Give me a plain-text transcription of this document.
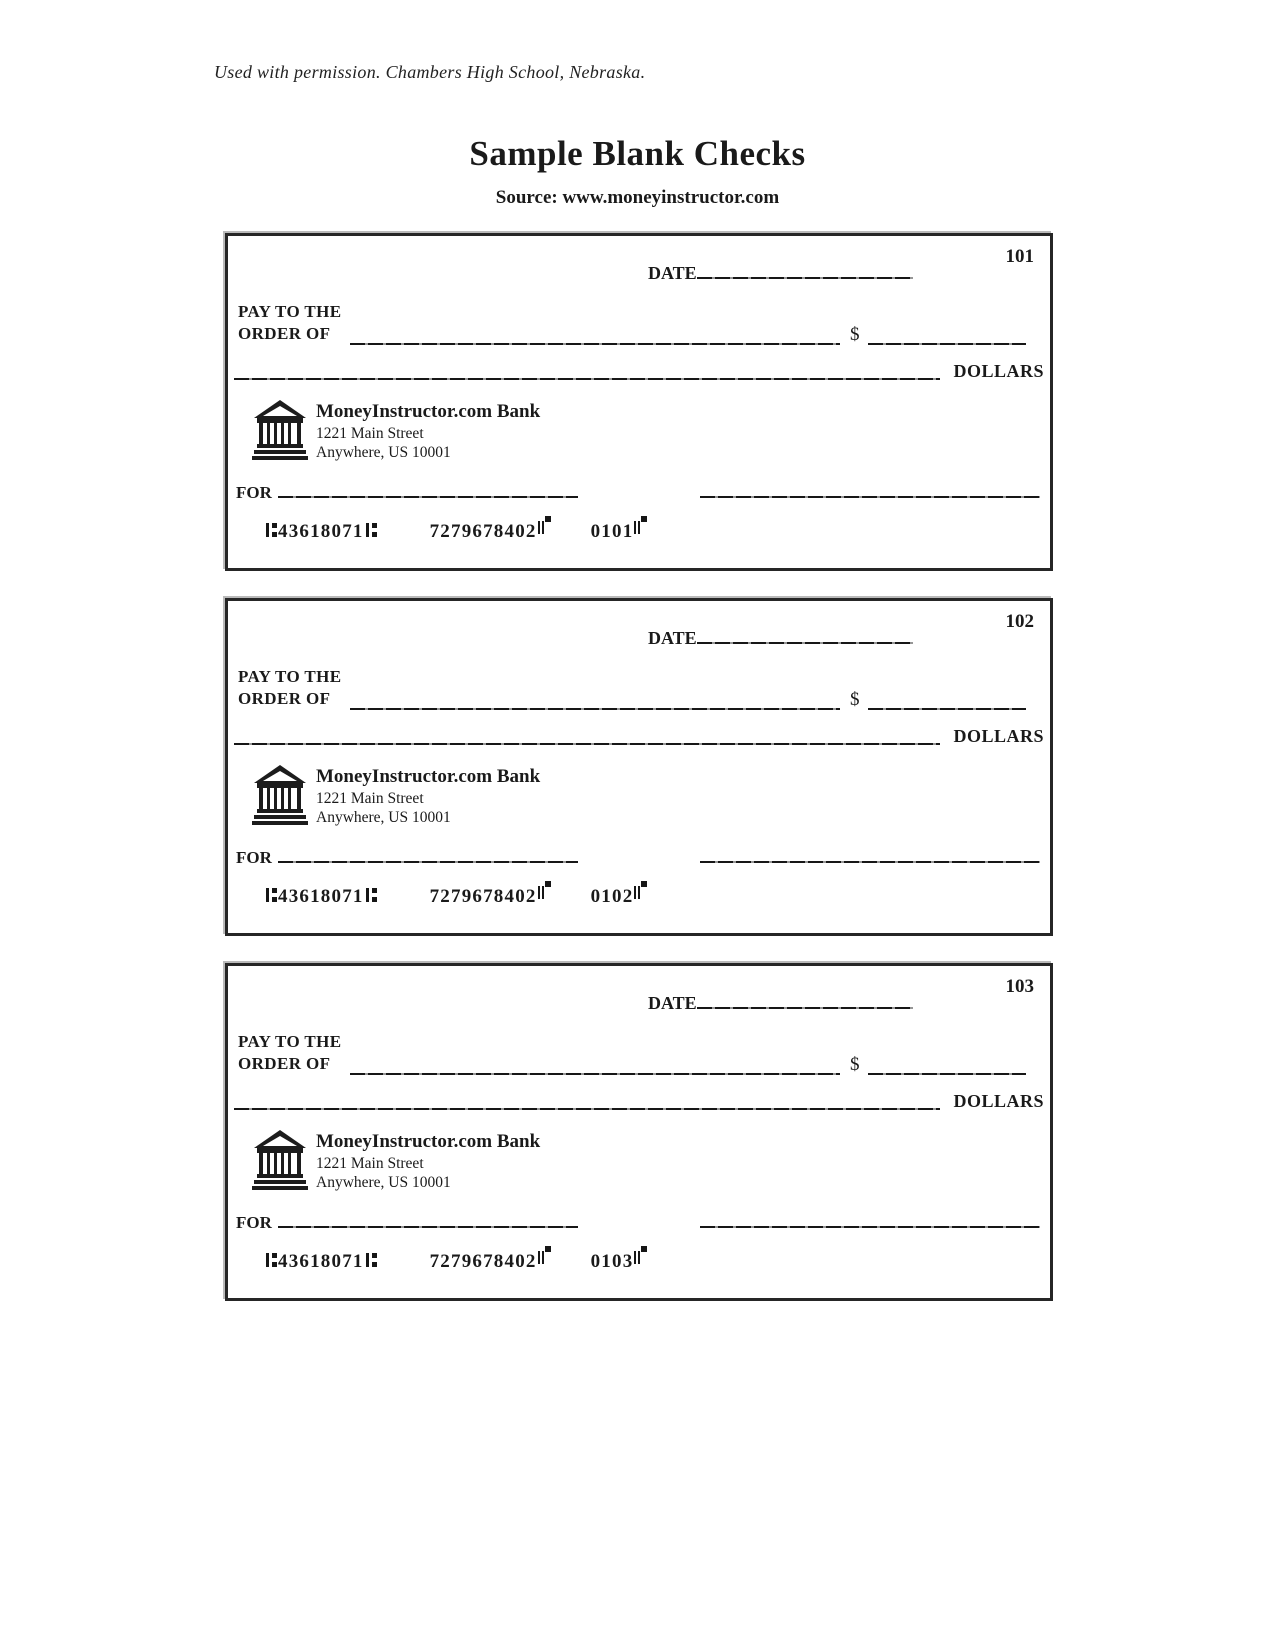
Used with permission. Chambers High School, Nebraska.
Sample Blank Checks
Source: www.moneyinstructor.com
101
DATE
PAY TO THE
ORDER OF	$
DOLLARS
MoneyInstructor.com Bank
1221 Main Street
Anywhere, US 10001
FOR
43618071	7279678402	0101
102
DATE
PAY TO THE
ORDER OF	$
DOLLARS
MoneyInstructor.com Bank
1221 Main Street
Anywhere, US 10001
FOR
43618071	7279678402	0102
103
DATE
PAY TO THE
ORDER OF	$
DOLLARS
MoneyInstructor.com Bank
1221 Main Street
Anywhere, US 10001
FOR
43618071	7279678402	0103
